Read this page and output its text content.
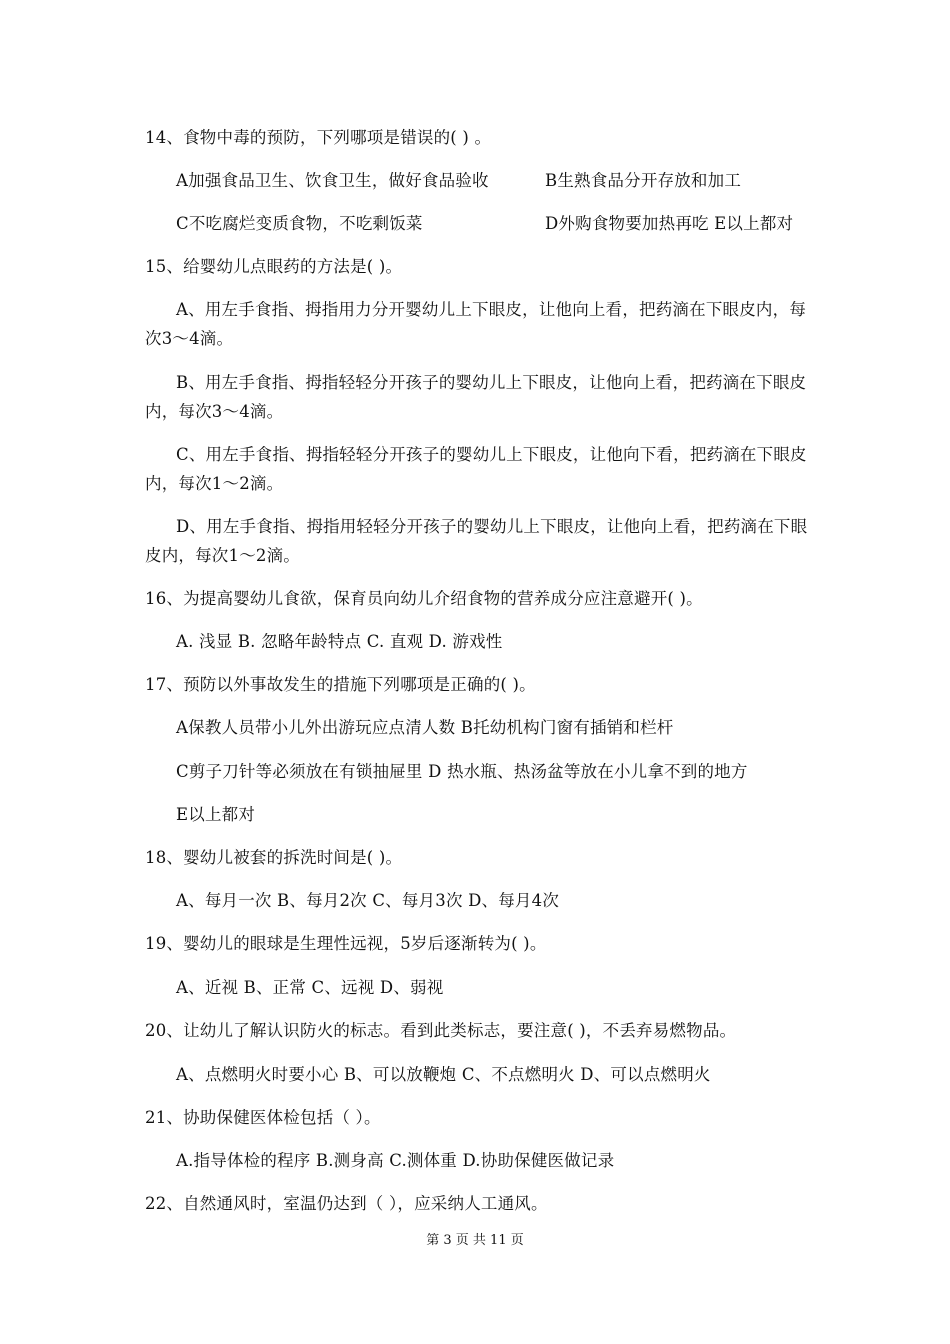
14、食物中毒的预防，下列哪项是错误的( ) 。
A加强食品卫生、饮食卫生，做好食品验收	B生熟食品分开存放和加工
C不吃腐烂变质食物，不吃剩饭菜	D外购食物要加热再吃 E以上都对
15、给婴幼儿点眼药的方法是( )。
A、用左手食指、拇指用力分开婴幼儿上下眼皮，让他向上看，把药滴在下眼皮内，每
次3～4滴。
B、用左手食指、拇指轻轻分开孩子的婴幼儿上下眼皮，让他向上看，把药滴在下眼皮
内，每次3～4滴。
C、用左手食指、拇指轻轻分开孩子的婴幼儿上下眼皮，让他向下看，把药滴在下眼皮
内，每次1～2滴。
D、用左手食指、拇指用轻轻分开孩子的婴幼儿上下眼皮，让他向上看，把药滴在下眼
皮内，每次1～2滴。
16、为提高婴幼儿食欲，保育员向幼儿介绍食物的营养成分应注意避开( )。
A. 浅显 B. 忽略年龄特点 C. 直观 D. 游戏性
17、预防以外事故发生的措施下列哪项是正确的( )。
A保教人员带小儿外出游玩应点清人数 B托幼机构门窗有插销和栏杆
C剪子刀针等必须放在有锁抽屉里 D 热水瓶、热汤盆等放在小儿拿不到的地方
E以上都对
18、婴幼儿被套的拆洗时间是( )。
A、每月一次 B、每月2次 C、每月3次 D、每月4次
19、婴幼儿的眼球是生理性远视，5岁后逐渐转为( )。
A、近视 B、正常 C、远视 D、弱视
20、让幼儿了解认识防火的标志。看到此类标志，要注意( )，不丢弃易燃物品。
A、点燃明火时要小心 B、可以放鞭炮 C、不点燃明火 D、可以点燃明火
21、协助保健医体检包括（ ）。
A.指导体检的程序 B.测身高 C.测体重 D.协助保健医做记录
22、自然通风时，室温仍达到（ ），应采纳人工通风。
第 3 页 共 11 页
